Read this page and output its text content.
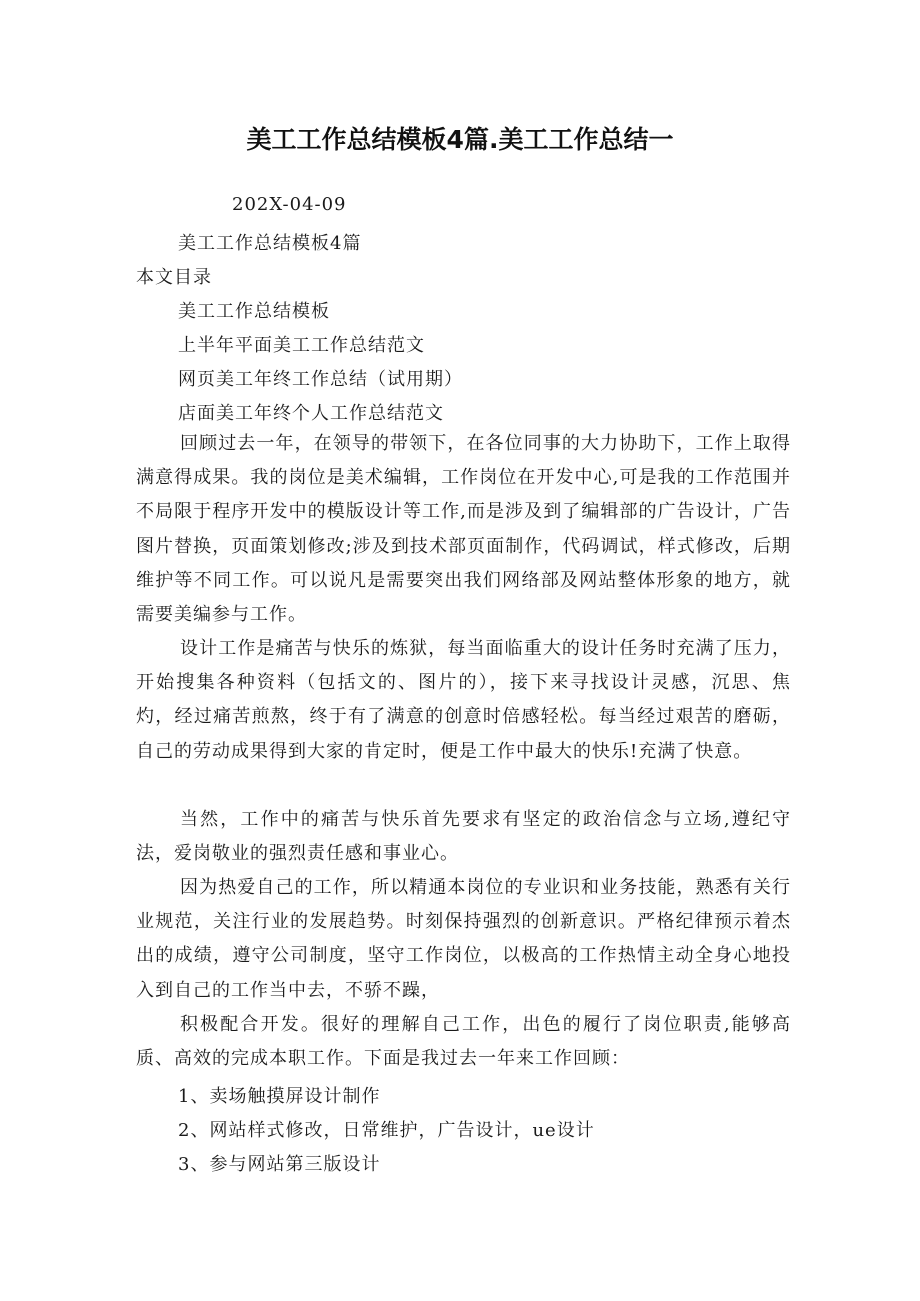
美工工作总结模板4篇.美工工作总结一
202X-04-09
美工工作总结模板4篇
本文目录
美工工作总结模板
上半年平面美工工作总结范文
网页美工年终工作总结（试用期）
店面美工年终个人工作总结范文

回顾过去一年，在领导的带领下，在各位同事的大力协助下，工作上取得满意得成果。我的岗位是美术编辑，工作岗位在开发中心,可是我的工作范围并不局限于程序开发中的模版设计等工作,而是涉及到了编辑部的广告设计，广告图片替换，页面策划修改;涉及到技术部页面制作，代码调试，样式修改，后期维护等不同工作。可以说凡是需要突出我们网络部及网站整体形象的地方，就需要美编参与工作。

设计工作是痛苦与快乐的炼狱，每当面临重大的设计任务时充满了压力，开始搜集各种资料（包括文的、图片的），接下来寻找设计灵感，沉思、焦灼，经过痛苦煎熬，终于有了满意的创意时倍感轻松。每当经过艰苦的磨砺，自己的劳动成果得到大家的肯定时，便是工作中最大的快乐!充满了快意。

当然，工作中的痛苦与快乐首先要求有坚定的政治信念与立场,遵纪守法，爱岗敬业的强烈责任感和事业心。

因为热爱自己的工作，所以精通本岗位的专业识和业务技能，熟悉有关行业规范，关注行业的发展趋势。时刻保持强烈的创新意识。严格纪律预示着杰出的成绩，遵守公司制度，坚守工作岗位，以极高的工作热情主动全身心地投入到自己的工作当中去，不骄不躁，

积极配合开发。很好的理解自己工作，出色的履行了岗位职责,能够高质、高效的完成本职工作。下面是我过去一年来工作回顾：

1、卖场触摸屏设计制作
2、网站样式修改，日常维护，广告设计，ue设计
3、参与网站第三版设计
